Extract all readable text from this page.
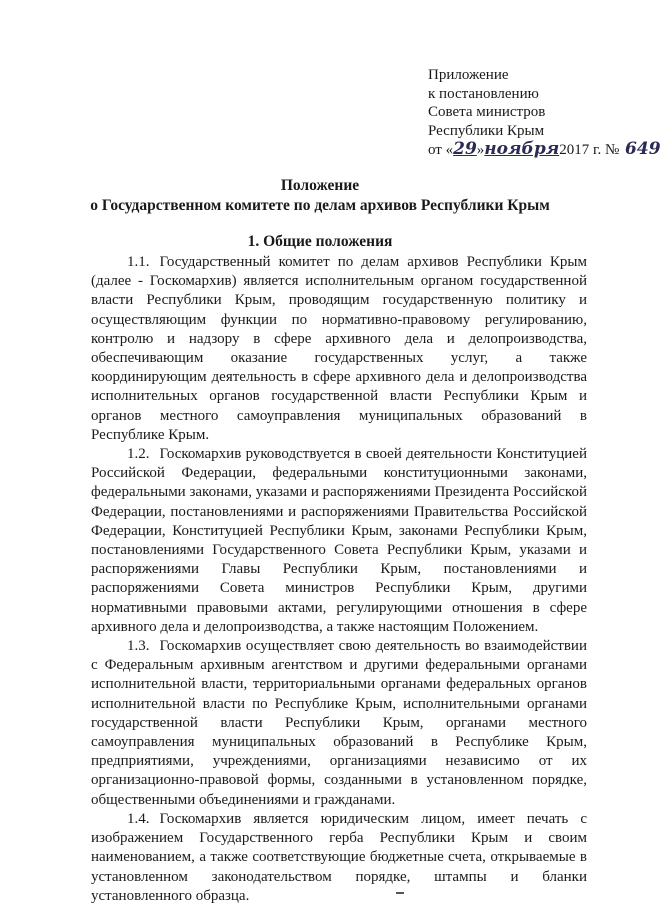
Приложение
к постановлению
Совета министров
Республики Крым
от «29»ноября2017 г. № 649
Положение
о Государственном комитете по делам архивов Республики Крым
1. Общие положения

1.1. Государственный комитет по делам архивов Республики Крым (далее - Госкомархив) является исполнительным органом государственной власти Республики Крым, проводящим государственную политику и осуществляющим функции по нормативно-правовому регулированию, контролю и надзору в сфере архивного дела и делопроизводства, обеспечивающим оказание государственных услуг, а также координирующим деятельность в сфере архивного дела и делопроизводства исполнительных органов государственной власти Республики Крым и органов местного самоуправления муниципальных образований в Республике Крым.

1.2. Госкомархив руководствуется в своей деятельности Конституцией Российской Федерации, федеральными конституционными законами, федеральными законами, указами и распоряжениями Президента Российской Федерации, постановлениями и распоряжениями Правительства Российской Федерации, Конституцией Республики Крым, законами Республики Крым, постановлениями Государственного Совета Республики Крым, указами и распоряжениями Главы Республики Крым, постановлениями и распоряжениями Совета министров Республики Крым, другими нормативными правовыми актами, регулирующими отношения в сфере архивного дела и делопроизводства, а также настоящим Положением.

1.3. Госкомархив осуществляет свою деятельность во взаимодействии с Федеральным архивным агентством и другими федеральными органами исполнительной власти, территориальными органами федеральных органов исполнительной власти по Республике Крым, исполнительными органами государственной власти Республики Крым, органами местного самоуправления муниципальных образований в Республике Крым, предприятиями, учреждениями, организациями независимо от их организационно-правовой формы, созданными в установленном порядке, общественными объединениями и гражданами.

1.4. Госкомархив является юридическим лицом, имеет печать с изображением Государственного герба Республики Крым и своим наименованием, а также соответствующие бюджетные счета, открываемые в установленном законодательством порядке, штампы и бланки установленного образца.
